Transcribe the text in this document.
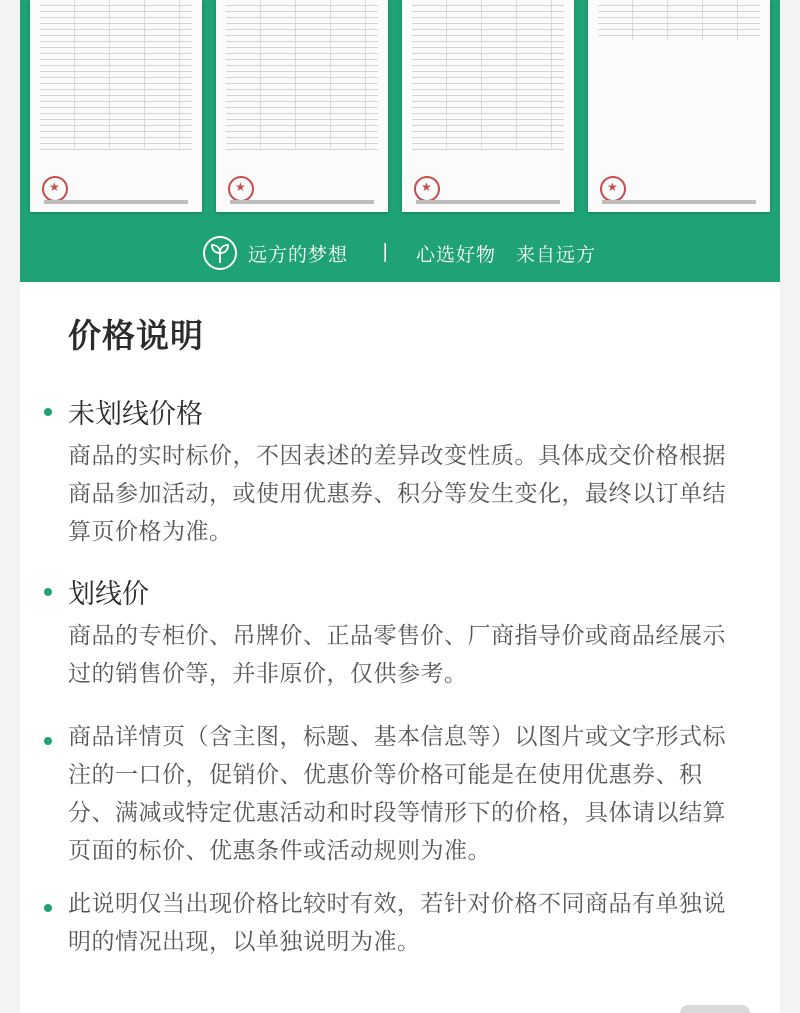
★
★
★
★
远方的梦想 | 心选好物 来自远方
价格说明
未划线价格
商品的实时标价，不因表述的差异改变性质。具体成交价格根据商品参加活动，或使用优惠券、积分等发生变化，最终以订单结算页价格为准。
划线价
商品的专柜价、吊牌价、正品零售价、厂商指导价或商品经展示过的销售价等，并非原价，仅供参考。
商品详情页（含主图，标题、基本信息等）以图片或文字形式标注的一口价，促销价、优惠价等价格可能是在使用优惠券、积分、满减或特定优惠活动和时段等情形下的价格，具体请以结算页面的标价、优惠条件或活动规则为准。
此说明仅当出现价格比较时有效，若针对价格不同商品有单独说明的情况出现，以单独说明为准。
